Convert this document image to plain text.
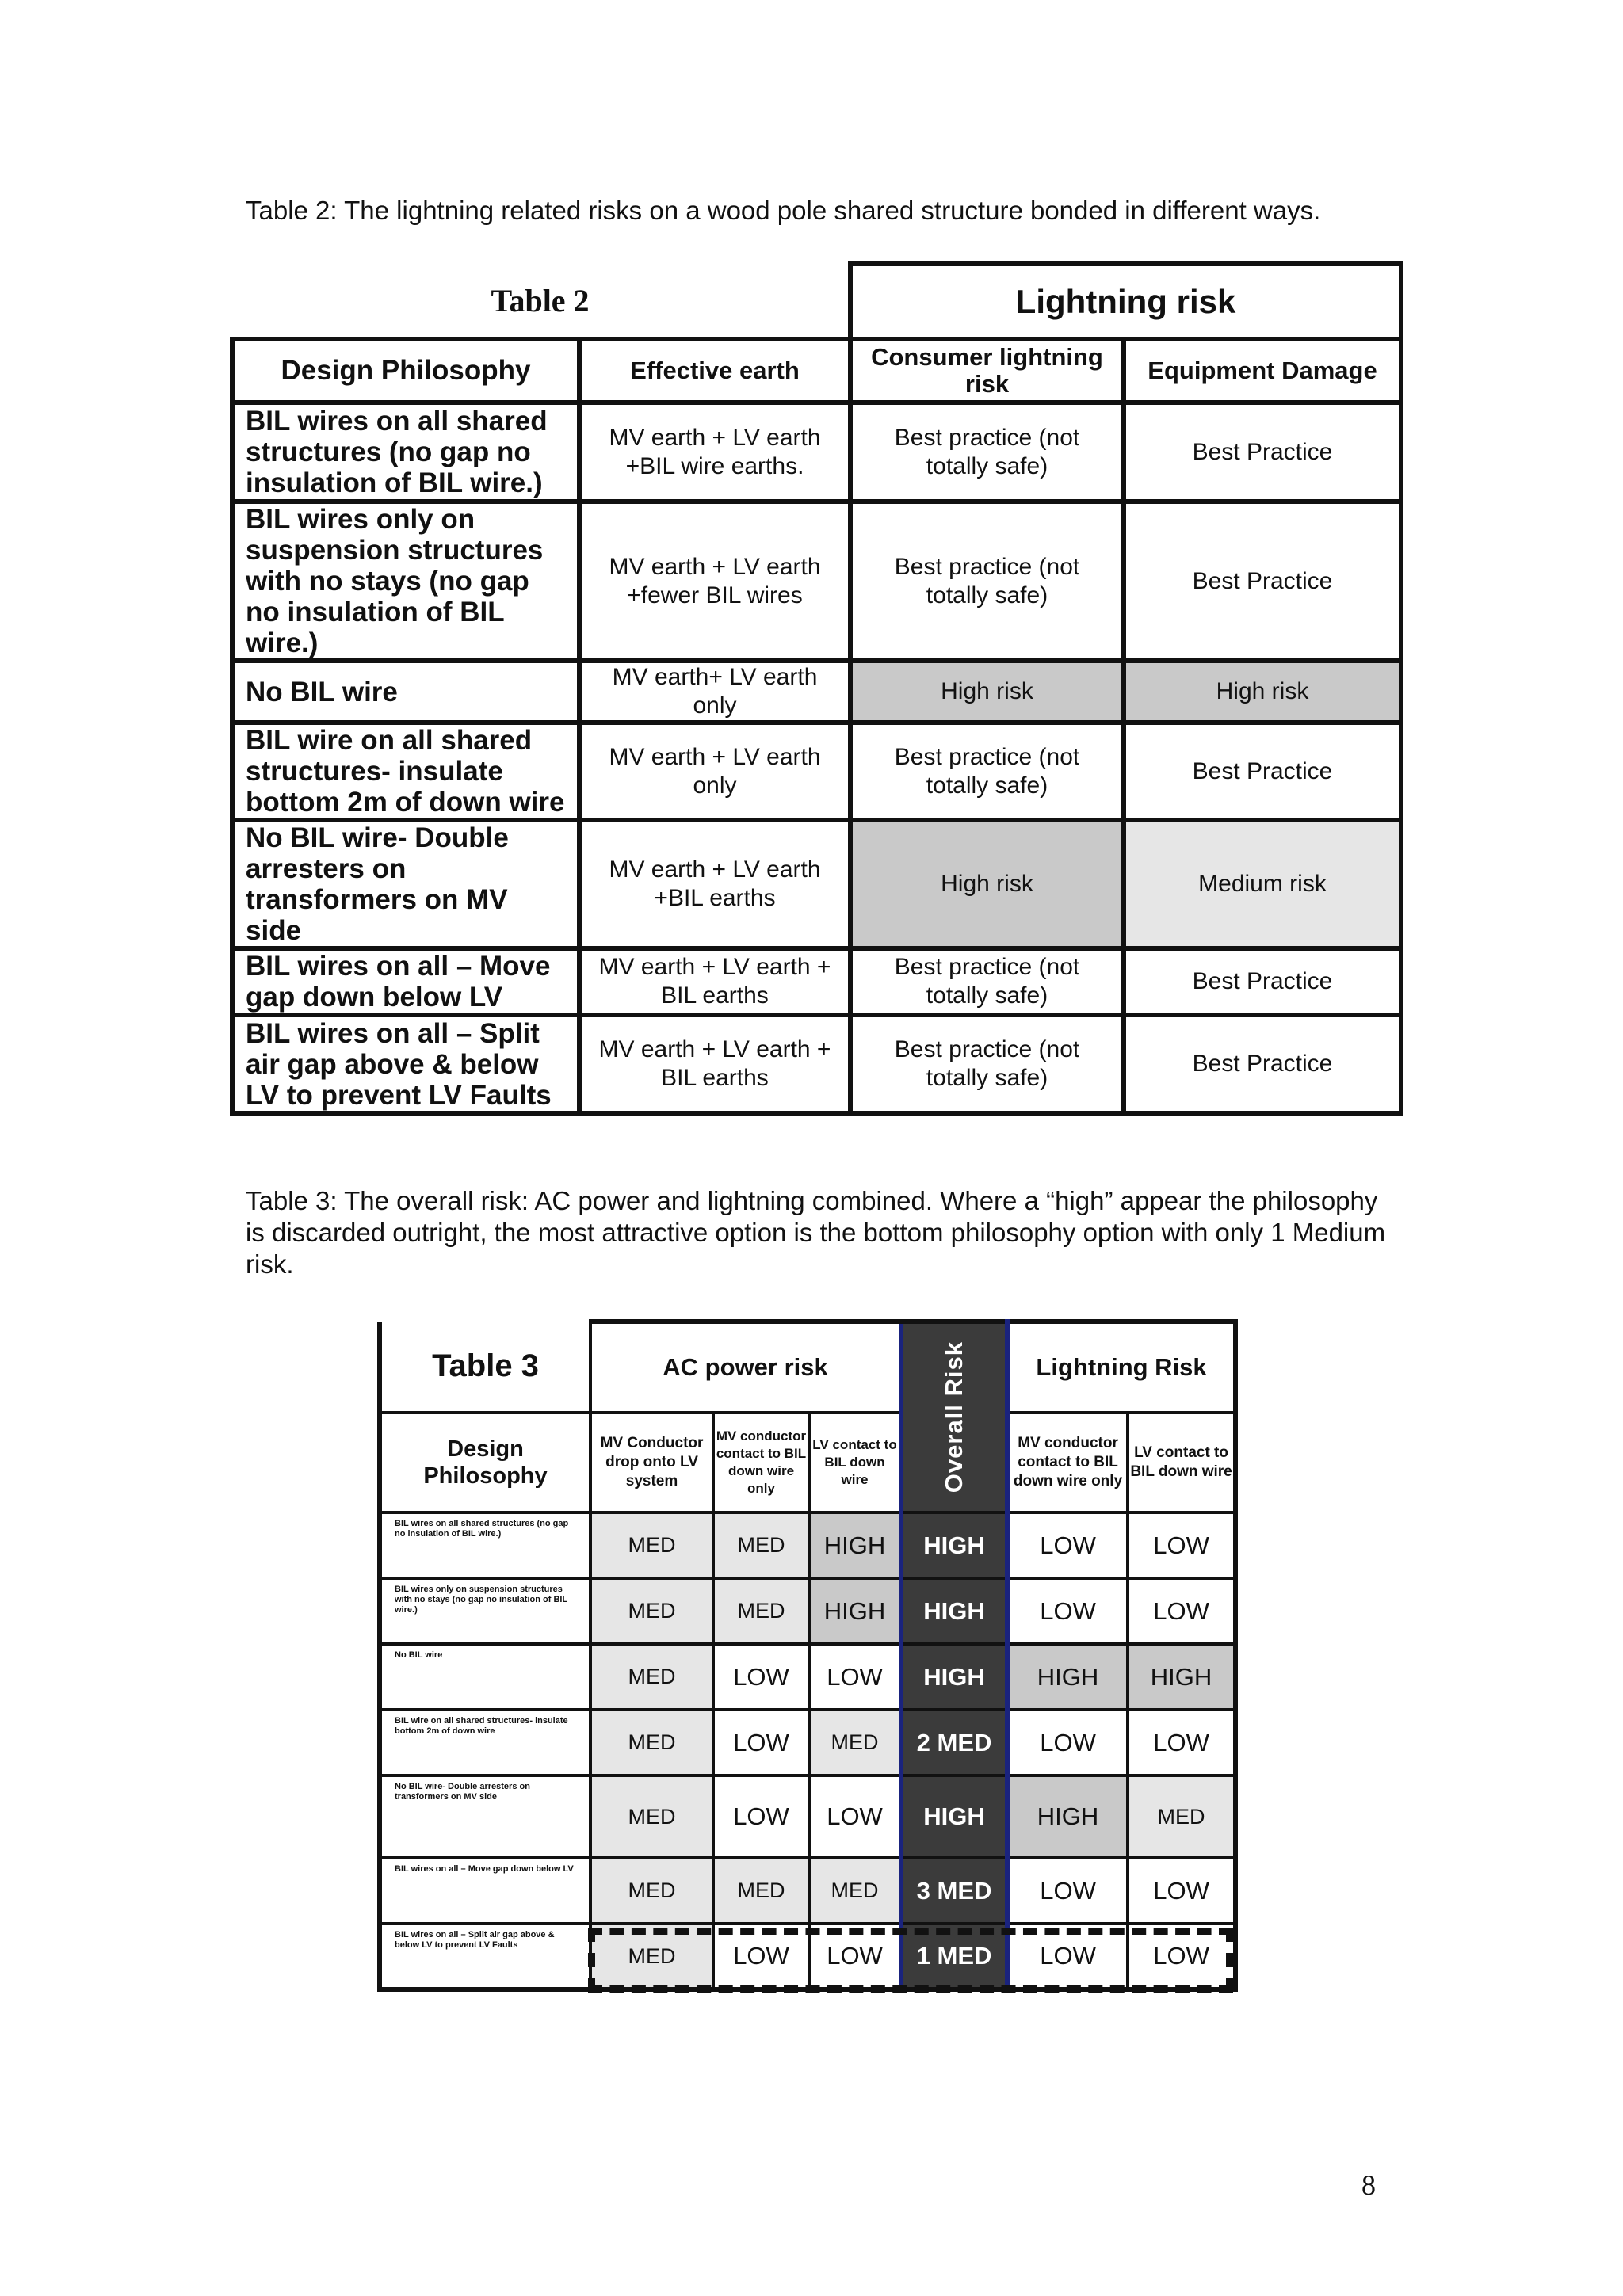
Table 2: The lightning related risks on a wood pole shared structure bonded in different ways.

Table 2		Lightning risk	
Design Philosophy	Effective earth	Consumer lightning risk	Equipment Damage
BIL wires on all shared structures (no gap no insulation of BIL wire.)	MV earth + LV earth +BIL wire earths.	Best practice (not totally safe)	Best Practice
BIL wires only on suspension structures with no stays (no gap no insulation of BIL wire.)	MV earth + LV earth +fewer BIL wires	Best practice (not totally safe)	Best Practice
No BIL wire	MV earth+ LV earth only	High risk	High risk
BIL wire on all shared structures- insulate bottom 2m of down wire	MV earth + LV earth only	Best practice (not totally safe)	Best Practice
No BIL wire- Double arresters on transformers on MV side	MV earth + LV earth +BIL earths	High risk	Medium risk
BIL wires on all – Move gap down below LV	MV earth + LV earth + BIL earths	Best practice (not totally safe)	Best Practice
BIL wires on all – Split air gap above & below LV to prevent LV Faults	MV earth + LV earth + BIL earths	Best practice (not totally safe)	Best Practice

Table 3: The overall risk: AC power and lightning combined. Where a “high” appear the philosophy is discarded outright, the most attractive option is the bottom philosophy option with only 1 Medium risk.

Table 3	AC power risk			Overall Risk	Lightning Risk	
Design Philosophy	MV Conductor drop onto LV system	MV conductor contact to BIL down wire only	LV contact to BIL down wire		MV conductor contact to BIL down wire only	LV contact to BIL down wire
BIL wires on all shared structures (no gap no insulation of BIL wire.)	MED	MED	HIGH	HIGH	LOW	LOW
BIL wires only on suspension structures with no stays (no gap no insulation of BIL wire.)	MED	MED	HIGH	HIGH	LOW	LOW
No BIL wire	MED	LOW	LOW	HIGH	HIGH	HIGH
BIL wire on all shared structures- insulate bottom 2m of down wire	MED	LOW	MED	2 MED	LOW	LOW
No BIL wire- Double arresters on transformers on MV side	MED	LOW	LOW	HIGH	HIGH	MED
BIL wires on all – Move gap down below LV	MED	MED	MED	3 MED	LOW	LOW
BIL wires on all – Split air gap above & below LV to prevent LV Faults	MED	LOW	LOW	1 MED	LOW	LOW
8
